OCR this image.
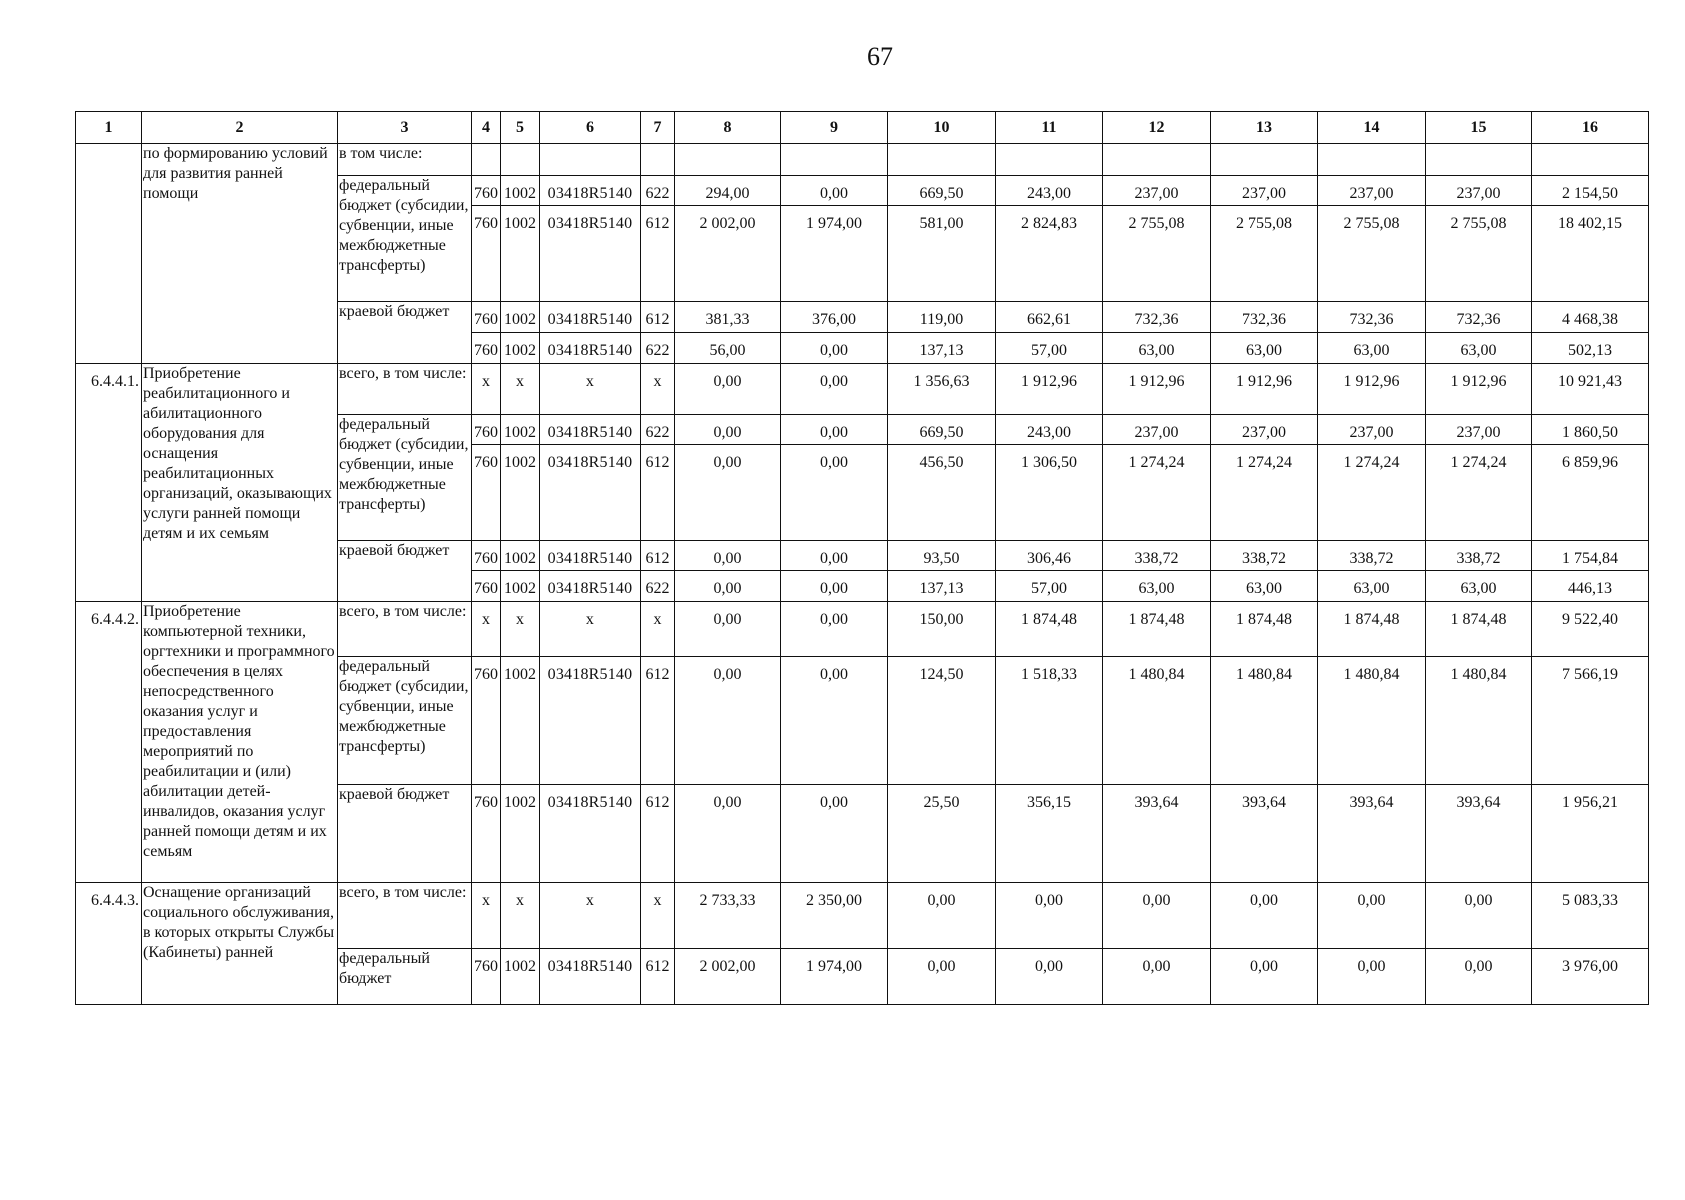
67
1	2	3	4	5	6	7	8	9	10	11	12	13	14	15	16
	по формированию условий для развития ранней помощи	в том числе:													
		федеральный бюджет (субсидии, субвенции, иные межбюджетные трансферты)	760	1002	03418R5140	622	294,00	0,00	669,50	243,00	237,00	237,00	237,00	237,00	2 154,50
			760	1002	03418R5140	612	2 002,00	1 974,00	581,00	2 824,83	2 755,08	2 755,08	2 755,08	2 755,08	18 402,15
		краевой бюджет	760	1002	03418R5140	612	381,33	376,00	119,00	662,61	732,36	732,36	732,36	732,36	4 468,38
			760	1002	03418R5140	622	56,00	0,00	137,13	57,00	63,00	63,00	63,00	63,00	502,13
6.4.4.1.	Приобретение реабилитационного и абилитационного оборудования для оснащения реабилитационных организаций, оказывающих услуги ранней помощи детям и их семьям	всего, в том числе:	x	x	x	x	0,00	0,00	1 356,63	1 912,96	1 912,96	1 912,96	1 912,96	1 912,96	10 921,43
		федеральный бюджет (субсидии, субвенции, иные межбюджетные трансферты)	760	1002	03418R5140	622	0,00	0,00	669,50	243,00	237,00	237,00	237,00	237,00	1 860,50
			760	1002	03418R5140	612	0,00	0,00	456,50	1 306,50	1 274,24	1 274,24	1 274,24	1 274,24	6 859,96
		краевой бюджет	760	1002	03418R5140	612	0,00	0,00	93,50	306,46	338,72	338,72	338,72	338,72	1 754,84
			760	1002	03418R5140	622	0,00	0,00	137,13	57,00	63,00	63,00	63,00	63,00	446,13
6.4.4.2.	Приобретение компьютерной техники, оргтехники и программного обеспечения в целях непосредственного оказания услуг и предоставления мероприятий по реабилитации и (или) абилитации детей-инвалидов, оказания услуг ранней помощи детям и их семьям	всего, в том числе:	x	x	x	x	0,00	0,00	150,00	1 874,48	1 874,48	1 874,48	1 874,48	1 874,48	9 522,40
		федеральный бюджет (субсидии, субвенции, иные межбюджетные трансферты)	760	1002	03418R5140	612	0,00	0,00	124,50	1 518,33	1 480,84	1 480,84	1 480,84	1 480,84	7 566,19
		краевой бюджет	760	1002	03418R5140	612	0,00	0,00	25,50	356,15	393,64	393,64	393,64	393,64	1 956,21
6.4.4.3.	Оснащение организаций социального обслуживания, в которых открыты Службы (Кабинеты) ранней	всего, в том числе:	x	x	x	x	2 733,33	2 350,00	0,00	0,00	0,00	0,00	0,00	0,00	5 083,33
		федеральный бюджет	760	1002	03418R5140	612	2 002,00	1 974,00	0,00	0,00	0,00	0,00	0,00	0,00	3 976,00
